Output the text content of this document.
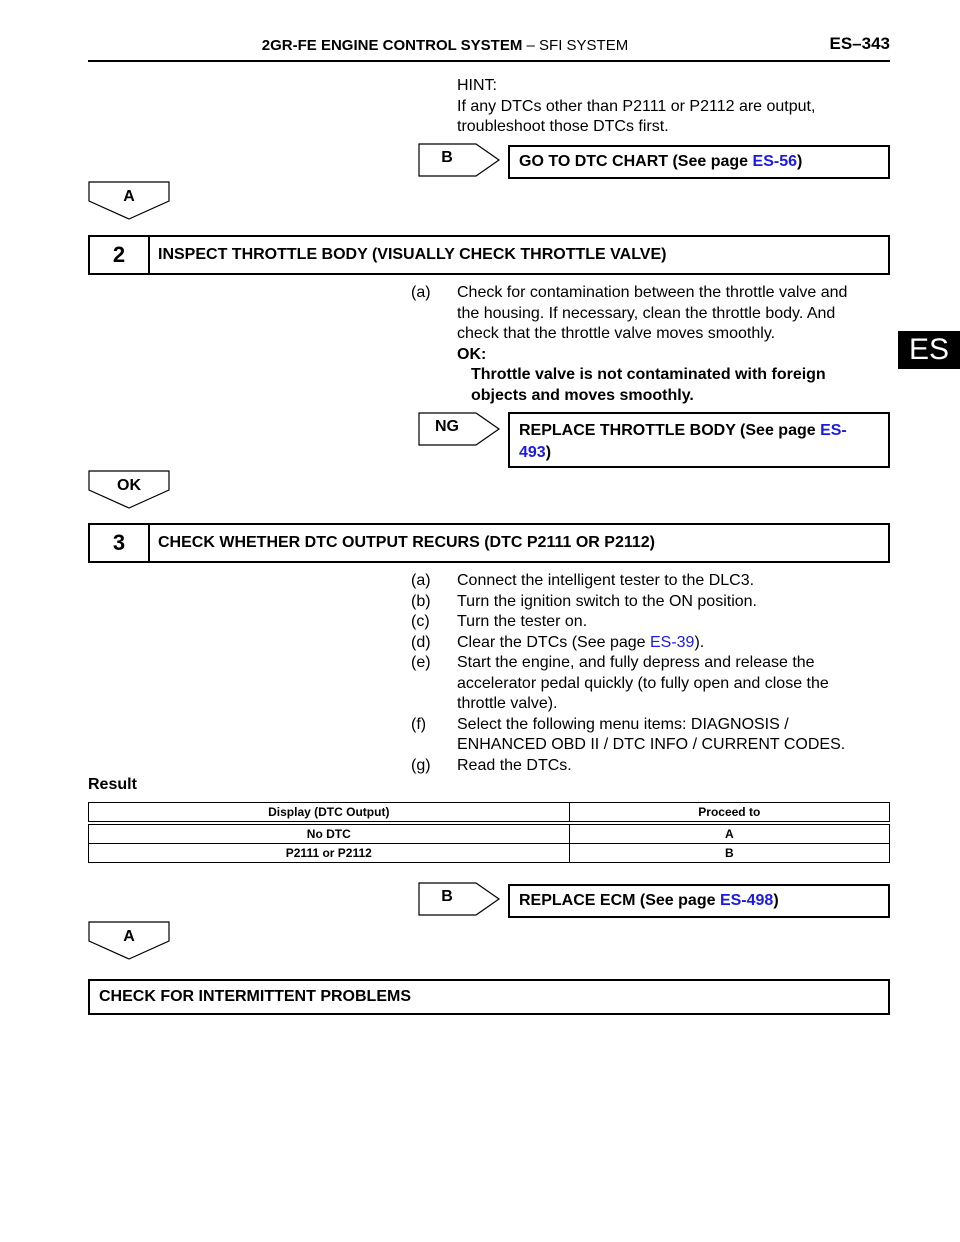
2GR-FE ENGINE CONTROL SYSTEM – SFI SYSTEM	ES–343
ES
HINT:
If any DTCs other than P2111 or P2112 are output,
troubleshoot those DTCs first.
B	GO TO DTC CHART (See page ES-56)
A
2	INSPECT THROTTLE BODY (VISUALLY CHECK THROTTLE VALVE)
(a)	Check for contamination between the throttle valve and
the housing. If necessary, clean the throttle body. And
check that the throttle valve moves smoothly.
OK:
Throttle valve is not contaminated with foreign
objects and moves smoothly.
NG	REPLACE THROTTLE BODY (See page ES-
493)
OK
3	CHECK WHETHER DTC OUTPUT RECURS (DTC P2111 OR P2112)
(a)	Connect the intelligent tester to the DLC3.
(b)	Turn the ignition switch to the ON position.
(c)	Turn the tester on.
(d)	Clear the DTCs (See page ES-39).
(e)	Start the engine, and fully depress and release the
accelerator pedal quickly (to fully open and close the
throttle valve).
(f)	Select the following menu items: DIAGNOSIS /
ENHANCED OBD II / DTC INFO / CURRENT CODES.
(g)	Read the DTCs.
Result
Display (DTC Output)	Proceed to

No DTC	A
P2111 or P2112	B
B	REPLACE ECM (See page ES-498)
A
CHECK FOR INTERMITTENT PROBLEMS
